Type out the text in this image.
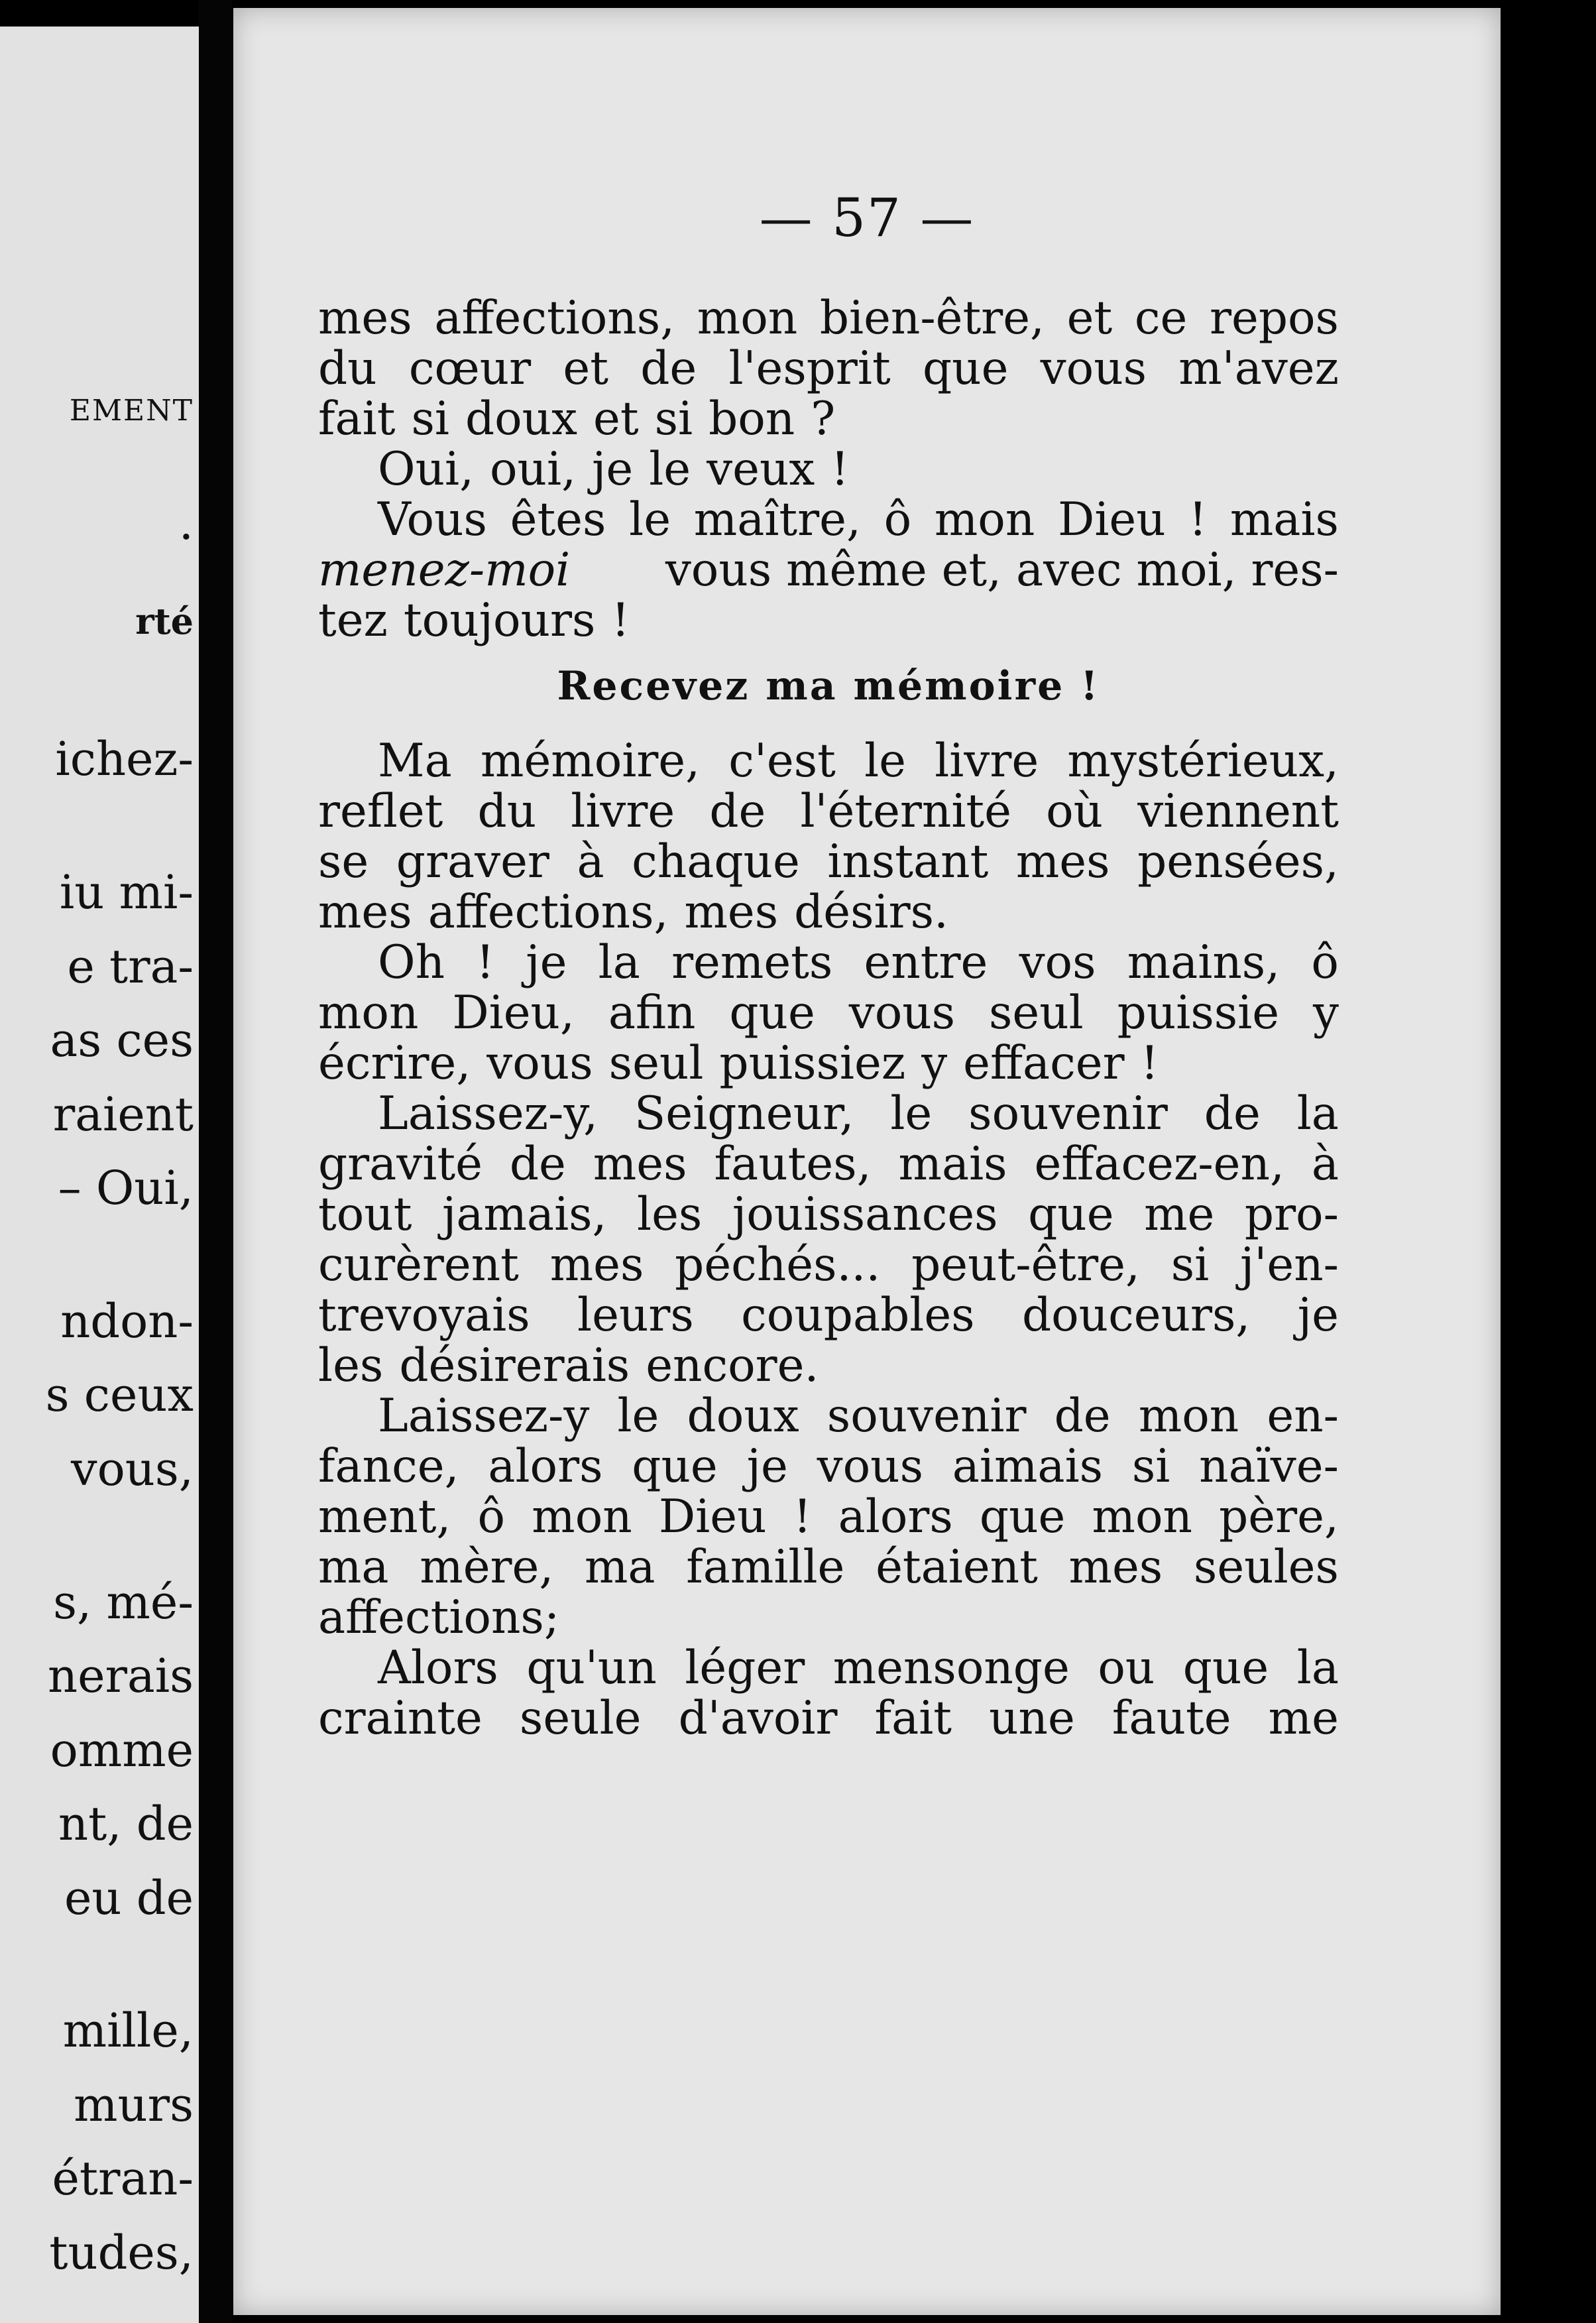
EMENT
.
rté
ichez-
iu mi-
e tra-
as ces
raient
– Oui,
ndon-
s ceux
vous,
s, mé-
nerais
omme
nt, de
eu de
mille,
murs
étran-
tudes,
— 57 —
mes affections, mon bien-être, et ce repos
du cœur et de l'esprit que vous m'avez
fait si doux et si bon ?
Oui, oui, je le veux !
Vous êtes le maître, ô mon Dieu ! mais
menez-moi vous même et, avec moi, res-
tez toujours !
Recevez ma mémoire !
Ma mémoire, c'est le livre mystérieux,
reflet du livre de l'éternité où viennent
se graver à chaque instant mes pensées,
mes affections, mes désirs.
Oh ! je la remets entre vos mains, ô
mon Dieu, afin que vous seul puissie y
écrire, vous seul puissiez y effacer !
Laissez-y, Seigneur, le souvenir de la
gravité de mes fautes, mais effacez-en, à
tout jamais, les jouissances que me pro-
curèrent mes péchés... peut-être, si j'en-
trevoyais leurs coupables douceurs, je
les désirerais encore.
Laissez-y le doux souvenir de mon en-
fance, alors que je vous aimais si naïve-
ment, ô mon Dieu ! alors que mon père,
ma mère, ma famille étaient mes seules
affections;
Alors qu'un léger mensonge ou que la
crainte seule d'avoir fait une faute me
